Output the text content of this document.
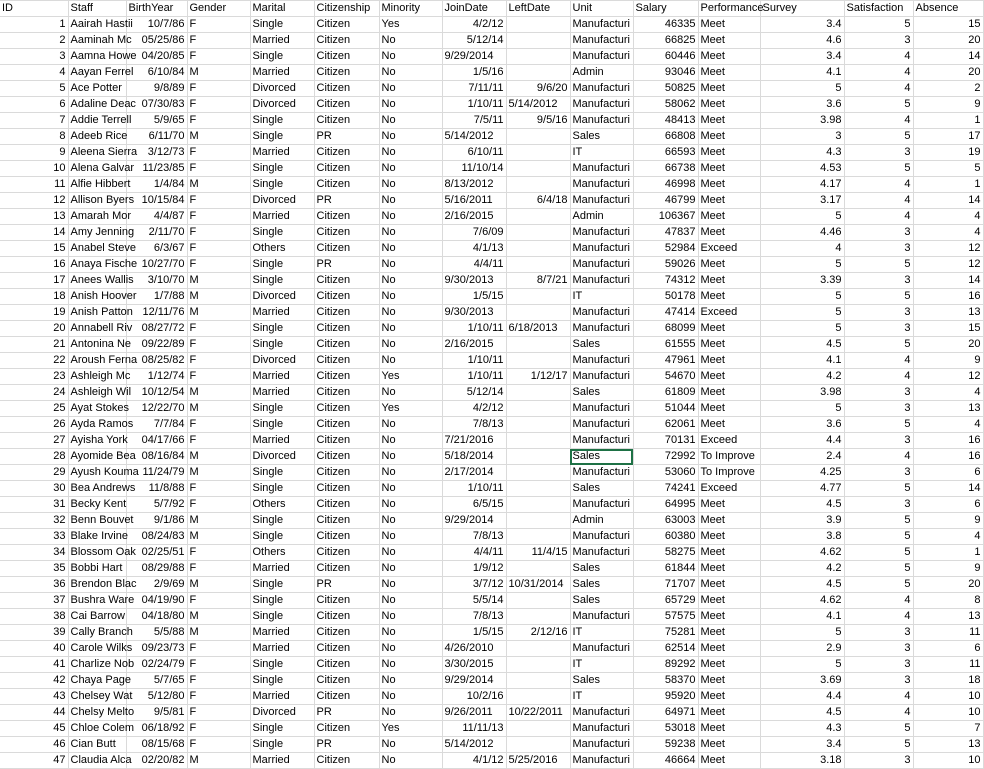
ID	Staff	BirthYear	Gender	Marital	Citizenship	Minority	JoinDate	LeftDate	Unit	Salary	Performance	Survey	Satisfaction	Absence
1	Aairah Hastii	10/7/86	F	Single	Citizen	Yes	4/2/12		Manufacturi	46335	Meet	3.4	5	15
2	Aaminah Mc	05/25/86	F	Married	Citizen	No	5/12/14		Manufacturi	66825	Meet	4.6	3	20
3	Aamna Howe	04/20/85	F	Single	Citizen	No	9/29/2014		Manufacturi	60446	Meet	3.4	4	14
4	Aayan Ferrel	6/10/84	M	Married	Citizen	No	1/5/16		Admin	93046	Meet	4.1	4	20
5	Ace Potter	9/8/89	F	Divorced	Citizen	No	7/11/11	9/6/20	Manufacturi	50825	Meet	5	4	2
6	Adaline Deac	07/30/83	F	Divorced	Citizen	No	1/10/11	5/14/2012	Manufacturi	58062	Meet	3.6	5	9
7	Addie Terrell	5/9/65	F	Single	Citizen	No	7/5/11	9/5/16	Manufacturi	48413	Meet	3.98	4	1
8	Adeeb Rice	6/11/70	M	Single	PR	No	5/14/2012		Sales	66808	Meet	3	5	17
9	Aleena Sierra	3/12/73	F	Married	Citizen	No	6/10/11		IT	66593	Meet	4.3	3	19
10	Alena Galvar	11/23/85	F	Single	Citizen	No	11/10/14		Manufacturi	66738	Meet	4.53	5	5
11	Alfie Hibbert	1/4/84	M	Single	Citizen	No	8/13/2012		Manufacturi	46998	Meet	4.17	4	1
12	Allison Byers	10/15/84	F	Divorced	PR	No	5/16/2011	6/4/18	Manufacturi	46799	Meet	3.17	4	14
13	Amarah Mor	4/4/87	F	Married	Citizen	No	2/16/2015		Admin	106367	Meet	5	4	4
14	Amy Jenning	2/11/70	F	Single	Citizen	No	7/6/09		Manufacturi	47837	Meet	4.46	3	4
15	Anabel Steve	6/3/67	F	Others	Citizen	No	4/1/13		Manufacturi	52984	Exceed	4	3	12
16	Anaya Fische	10/27/70	F	Single	PR	No	4/4/11		Manufacturi	59026	Meet	5	5	12
17	Anees Wallis	3/10/70	M	Single	Citizen	No	9/30/2013	8/7/21	Manufacturi	74312	Meet	3.39	3	14
18	Anish Hoover	1/7/88	M	Divorced	Citizen	No	1/5/15		IT	50178	Meet	5	5	16
19	Anish Patton	12/11/76	M	Married	Citizen	No	9/30/2013		Manufacturi	47414	Exceed	5	3	13
20	Annabell Riv	08/27/72	F	Single	Citizen	No	1/10/11	6/18/2013	Manufacturi	68099	Meet	5	3	15
21	Antonina Ne	09/22/89	F	Single	Citizen	No	2/16/2015		Sales	61555	Meet	4.5	5	20
22	Aroush Ferna	08/25/82	F	Divorced	Citizen	No	1/10/11		Manufacturi	47961	Meet	4.1	4	9
23	Ashleigh Mc	1/12/74	F	Married	Citizen	Yes	1/10/11	1/12/17	Manufacturi	54670	Meet	4.2	4	12
24	Ashleigh Wil	10/12/54	M	Married	Citizen	No	5/12/14		Sales	61809	Meet	3.98	3	4
25	Ayat Stokes	12/22/70	M	Single	Citizen	Yes	4/2/12		Manufacturi	51044	Meet	5	3	13
26	Ayda Ramos	7/7/84	F	Single	Citizen	No	7/8/13		Manufacturi	62061	Meet	3.6	5	4
27	Ayisha York	04/17/66	F	Married	Citizen	No	7/21/2016		Manufacturi	70131	Exceed	4.4	3	16
28	Ayomide Bea	08/16/84	M	Divorced	Citizen	No	5/18/2014		Sales	72992	To Improve	2.4	4	16
29	Ayush Kouma	11/24/79	M	Single	Citizen	No	2/17/2014		Manufacturi	53060	To Improve	4.25	3	6
30	Bea Andrews	11/8/88	F	Single	Citizen	No	1/10/11		Sales	74241	Exceed	4.77	5	14
31	Becky Kent	5/7/92	F	Others	Citizen	No	6/5/15		Manufacturi	64995	Meet	4.5	3	6
32	Benn Bouvet	9/1/86	M	Single	Citizen	No	9/29/2014		Admin	63003	Meet	3.9	5	9
33	Blake Irvine	08/24/83	M	Single	Citizen	No	7/8/13		Manufacturi	60380	Meet	3.8	5	4
34	Blossom Oak	02/25/51	F	Others	Citizen	No	4/4/11	11/4/15	Manufacturi	58275	Meet	4.62	5	1
35	Bobbi Hart	08/29/88	F	Married	Citizen	No	1/9/12		Sales	61844	Meet	4.2	5	9
36	Brendon Blac	2/9/69	M	Single	PR	No	3/7/12	10/31/2014	Sales	71707	Meet	4.5	5	20
37	Bushra Ware	04/19/90	F	Single	Citizen	No	5/5/14		Sales	65729	Meet	4.62	4	8
38	Cai Barrow	04/18/80	M	Single	Citizen	No	7/8/13		Manufacturi	57575	Meet	4.1	4	13
39	Cally Branch	5/5/88	M	Married	Citizen	No	1/5/15	2/12/16	IT	75281	Meet	5	3	11
40	Carole Wilks	09/23/73	F	Married	Citizen	No	4/26/2010		Manufacturi	62514	Meet	2.9	3	6
41	Charlize Nob	02/24/79	F	Single	Citizen	No	3/30/2015		IT	89292	Meet	5	3	11
42	Chaya Page	5/7/65	F	Single	Citizen	No	9/29/2014		Sales	58370	Meet	3.69	3	18
43	Chelsey Wat	5/12/80	F	Married	Citizen	No	10/2/16		IT	95920	Meet	4.4	4	10
44	Chelsy Melto	9/5/81	F	Divorced	PR	No	9/26/2011	10/22/2011	Manufacturi	64971	Meet	4.5	4	10
45	Chloe Colem	06/18/92	F	Single	Citizen	Yes	11/11/13		Manufacturi	53018	Meet	4.3	5	7
46	Cian Butt	08/15/68	F	Single	PR	No	5/14/2012		Manufacturi	59238	Meet	3.4	5	13
47	Claudia Alca	02/20/82	M	Married	Citizen	No	4/1/12	5/25/2016	Manufacturi	46664	Meet	3.18	3	10
